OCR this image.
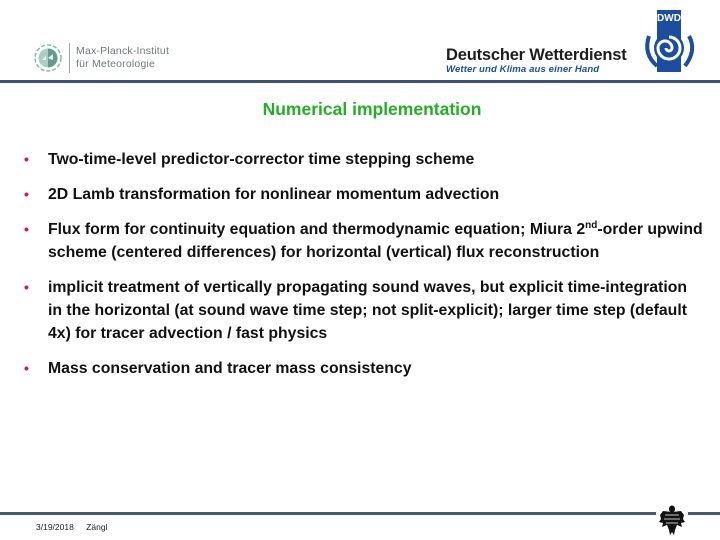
Max-Planck-Institut
für Meteorologie	Deutscher Wetterdienst
Wetter und Klima aus einer Hand
DWD
Numerical implementation
• Two-time-level predictor-corrector time stepping scheme
• 2D Lamb transformation for nonlinear momentum advection
• Flux form for continuity equation and thermodynamic equation; Miura 2nd-order upwind scheme (centered differences) for horizontal (vertical) flux reconstruction
• implicit treatment of vertically propagating sound waves, but explicit time-integration in the horizontal (at sound wave time step; not split-explicit); larger time step (default 4x) for tracer advection / fast physics
• Mass conservation and tracer mass consistency
3/19/2018 Zängl
